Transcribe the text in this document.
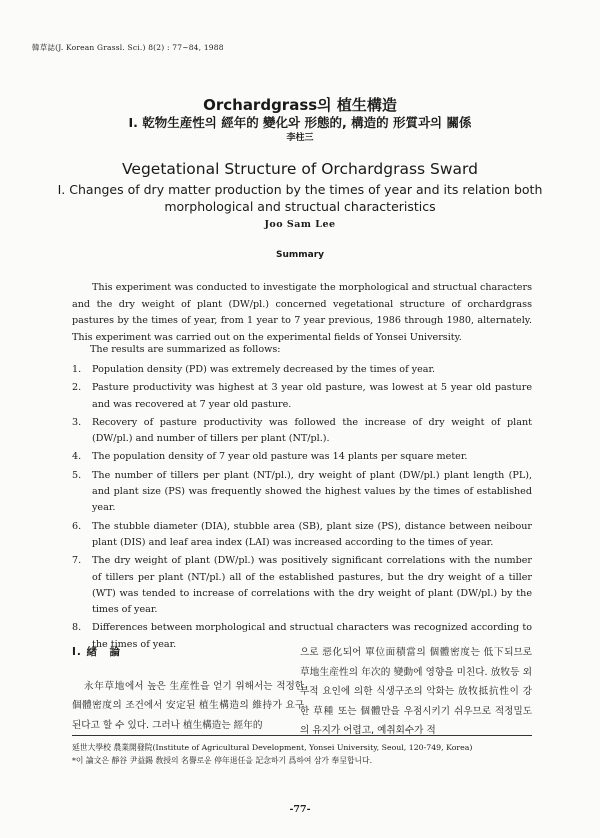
韓草誌(J. Korean Grassl. Sci.) 8(2) : 77~84, 1988
Orchardgrass의 植生構造
Ⅰ. 乾物生産性의 經年的 變化와 形態的, 構造的 形質과의 關係
李柱三
Vegetational Structure of Orchardgrass Sward
Ⅰ. Changes of dry matter production by the times of year and its relation both
morphological and structual characteristics
Joo Sam Lee
Summary

This experiment was conducted to investigate the morphological and structual characters and the dry weight of plant (DW/pl.) concerned vegetational structure of orchardgrass pastures by the times of year, from 1 year to 7 year previous, 1986 through 1980, alternately. This experiment was carried out on the experimental fields of Yonsei University.

The results are summarized as follows:
1. Population density (PD) was extremely decreased by the times of year.
2. Pasture productivity was highest at 3 year old pasture, was lowest at 5 year old pasture and was recovered at 7 year old pasture.
3. Recovery of pasture productivity was followed the increase of dry weight of plant (DW/pl.) and number of tillers per plant (NT/pl.).
4. The population density of 7 year old pasture was 14 plants per square meter.
5. The number of tillers per plant (NT/pl.), dry weight of plant (DW/pl.) plant length (PL), and plant size (PS) was frequently showed the highest values by the times of established year.
6. The stubble diameter (DIA), stubble area (SB), plant size (PS), distance between neibour plant (DIS) and leaf area index (LAI) was increased according to the times of year.
7. The dry weight of plant (DW/pl.) was positively significant correlations with the number of tillers per plant (NT/pl.) all of the established pastures, but the dry weight of a tiller (WT) was tended to increase of correlations with the dry weight of plant (DW/pl.) by the times of year.
8. Differences between morphological and structual characters was recognized according to the times of year.
Ⅰ. 緖　論

永年草地에서 높은 生産性을 얻기 위해서는 적정한 個體密度의 조건에서 安定된 植生構造의 維持가 요구된다고 할 수 있다. 그러나 植生構造는 經年的

으로 惡化되어 單位面積當의 個體密度는 低下되므로 草地生産性의 年次的 變動에 영향을 미친다. 放牧등 외부적 요인에 의한 식생구조의 악화는 放牧抵抗性이 강한 草種 또는 個體만을 우점시키기 쉬우므로 적정밀도의 유지가 어렵고, 예취회수가 적

延世大學校 農業開發院(Institute of Agricultural Development, Yonsei University, Seoul, 120-749, Korea)
*이 論文은 靜谷 尹益錫 敎授의 名譽로운 停年退任을 記念하기 爲하여 삼가 奉呈합니다.
-77-
